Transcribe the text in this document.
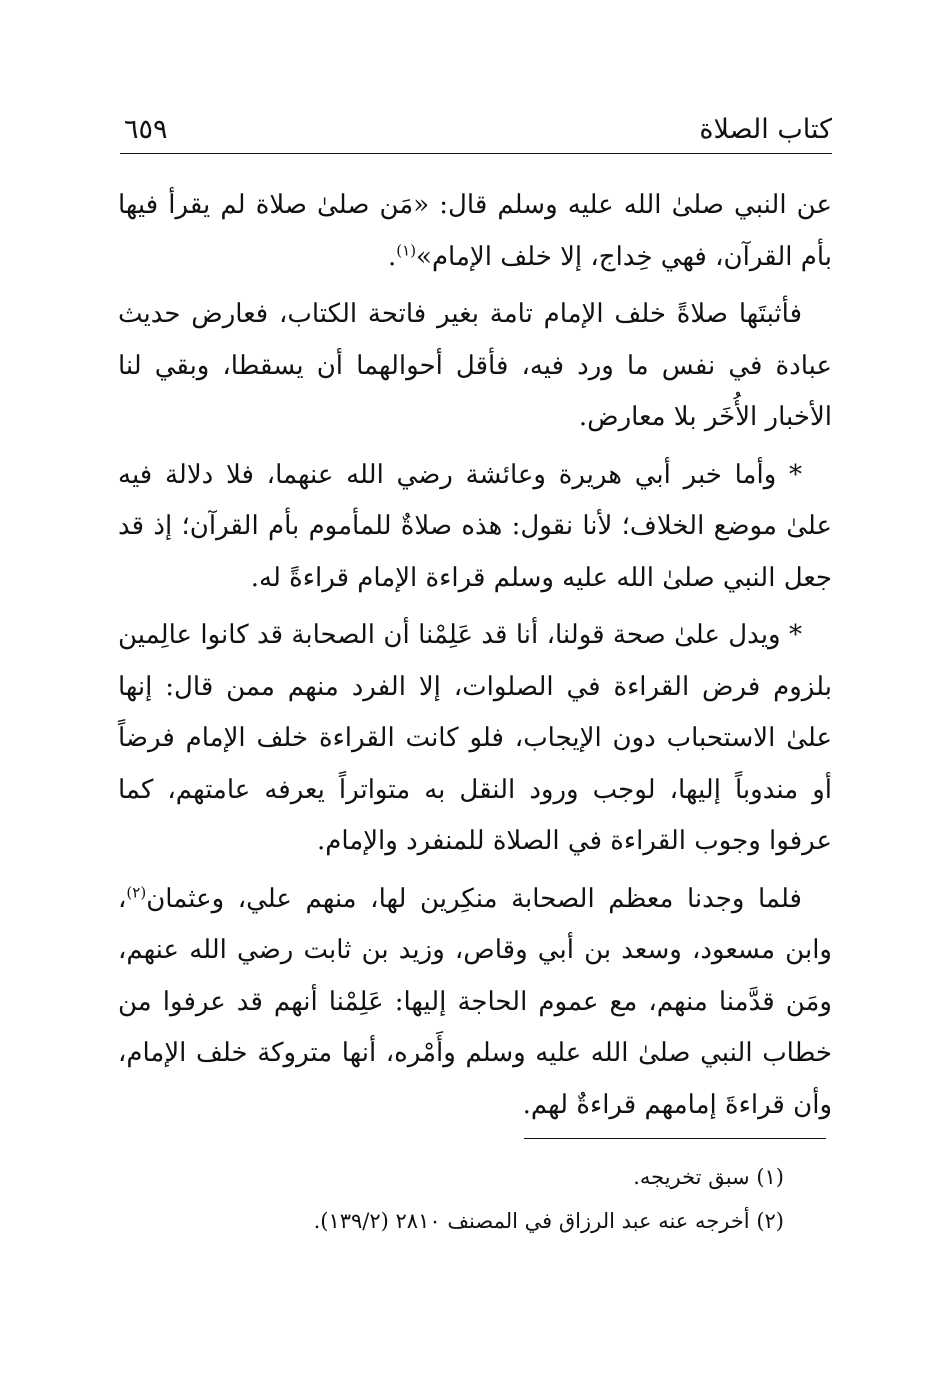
كتاب الصلاة
٦٥٩

عن النبي صلىٰ الله عليه وسلم قال: «مَن صلىٰ صلاة لم يقرأ فيها بأم القرآن، فهي خِداج، إلا خلف الإمام»$^{(١)}$.

فأثبتَها صلاةً خلف الإمام تامة بغير فاتحة الكتاب، فعارض حديث عبادة في نفس ما ورد فيه، فأقل أحوالهما أن يسقطا، وبقي لنا الأخبار الأُخَر بلا معارض.

* وأما خبر أبي هريرة وعائشة رضي الله عنهما، فلا دلالة فيه علىٰ موضع الخلاف؛ لأنا نقول: هذه صلاةٌ للمأموم بأم القرآن؛ إذ قد جعل النبي صلىٰ الله عليه وسلم قراءة الإمام قراءةً له.

* ويدل علىٰ صحة قولنا، أنا قد عَلِمْنا أن الصحابة قد كانوا عالِمين بلزوم فرض القراءة في الصلوات، إلا الفرد منهم ممن قال: إنها علىٰ الاستحباب دون الإيجاب، فلو كانت القراءة خلف الإمام فرضاً أو مندوباً إليها، لوجب ورود النقل به متواتراً يعرفه عامتهم، كما عرفوا وجوب القراءة في الصلاة للمنفرد والإمام.

فلما وجدنا معظم الصحابة منكِرين لها، منهم علي، وعثمان$^{(٢)}$، وابن مسعود، وسعد بن أبي وقاص، وزيد بن ثابت رضي الله عنهم، ومَن قدَّمنا منهم، مع عموم الحاجة إليها: عَلِمْنا أنهم قد عرفوا من خطاب النبي صلىٰ الله عليه وسلم وأَمْره، أنها متروكة خلف الإمام، وأن قراءةَ إمامهم قراءةٌ لهم.

(١) سبق تخريجه.

(٢) أخرجه عنه عبد الرزاق في المصنف ٢٨١٠ (١٣٩/٢).
